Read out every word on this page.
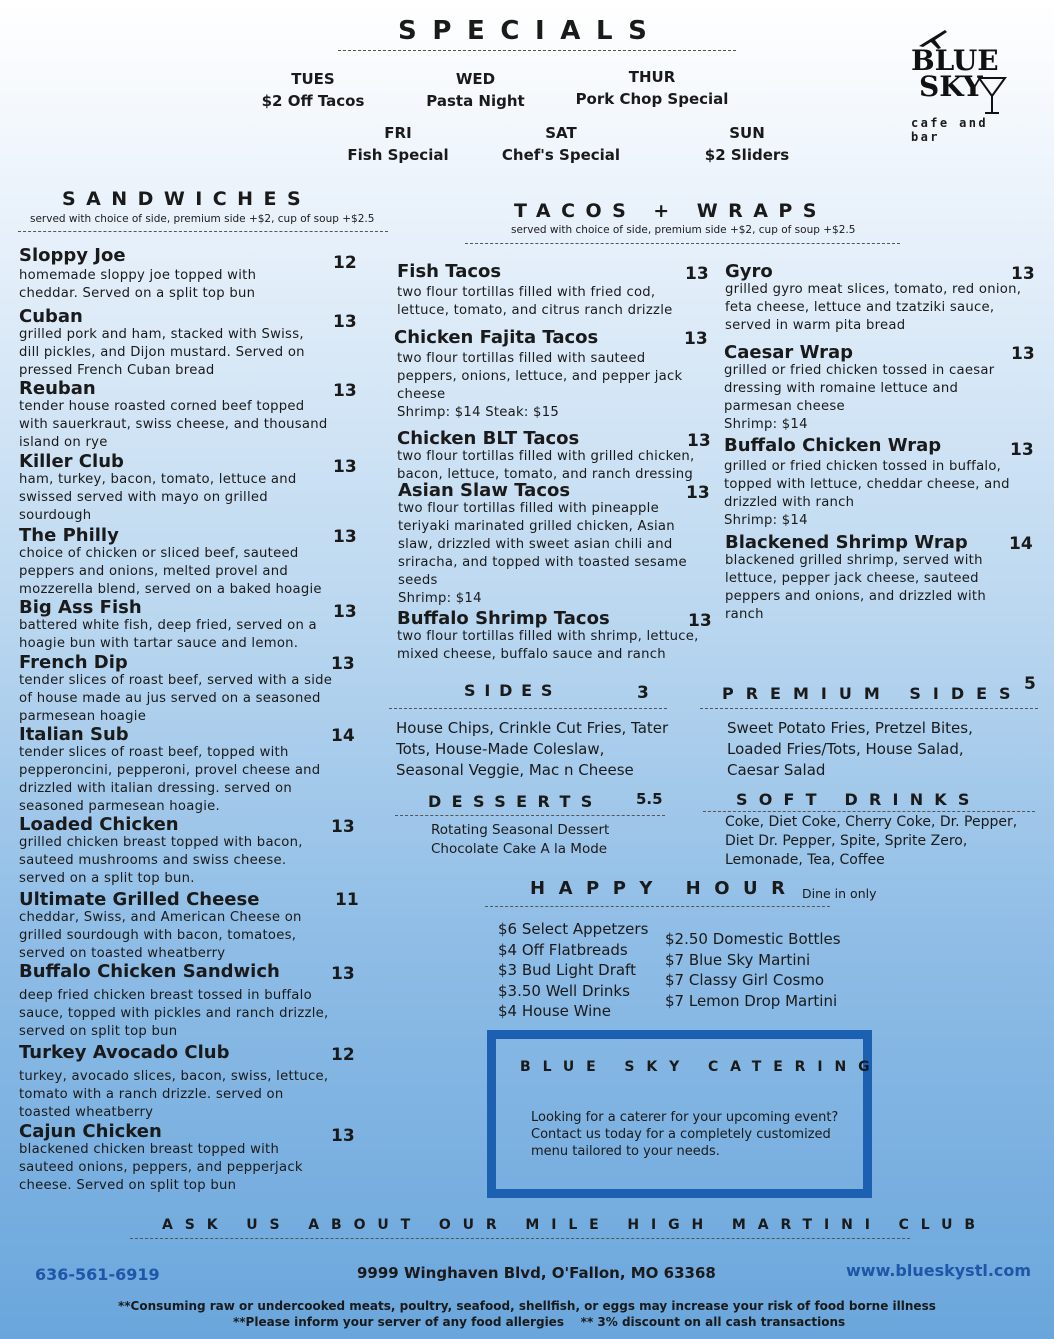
SPECIALS
TUES
$2 Off Tacos
WED
Pasta Night
THUR
Pork Chop Special
FRI
Fish Special
SAT
Chef's Special
SUN
$2 Sliders
BLUE
SKY
cafe and bar
SANDWICHES
served with choice of side, premium side +$2, cup of soup +$2.5
Sloppy Joe
homemade sloppy joe topped with cheddar. Served on a split top bun
12
Cuban
grilled pork and ham, stacked with Swiss, dill pickles, and Dijon mustard. Served on pressed French Cuban bread
13
Reuban
tender house roasted corned beef topped with sauerkraut, swiss cheese, and thousand island on rye
13
Killer Club
ham, turkey, bacon, tomato, lettuce and swissed served with mayo on grilled sourdough
13
The Philly
choice of chicken or sliced beef, sauteed peppers and onions, melted provel and mozzerella blend, served on a baked hoagie
13
Big Ass Fish
battered white fish, deep fried, served on a hoagie bun with tartar sauce and lemon.
13
French Dip
tender slices of roast beef, served with a side of house made au jus served on a seasoned parmesean hoagie
13
Italian Sub
tender slices of roast beef, topped with pepperoncini, pepperoni, provel cheese and drizzled with italian dressing. served on seasoned parmesean hoagie.
14
Loaded Chicken
grilled chicken breast topped with bacon, sauteed mushrooms and swiss cheese. served on a split top bun.
13
Ultimate Grilled Cheese
cheddar, Swiss, and American Cheese on grilled sourdough with bacon, tomatoes, served on toasted wheatberry
11
Buffalo Chicken Sandwich
deep fried chicken breast tossed in buffalo sauce, topped with pickles and ranch drizzle, served on split top bun
13
Turkey Avocado Club
turkey, avocado slices, bacon, swiss, lettuce, tomato with a ranch drizzle. served on toasted wheatberry
12
Cajun Chicken
blackened chicken breast topped with sauteed onions, peppers, and pepperjack cheese. Served on split top bun
13
TACOS + WRAPS
served with choice of side, premium side +$2, cup of soup +$2.5
Fish Tacos
two flour tortillas filled with fried cod, lettuce, tomato, and citrus ranch drizzle
13
Chicken Fajita Tacos
two flour tortillas filled with sauteed peppers, onions, lettuce, and pepper jack cheese
Shrimp: $14 Steak: $15
13
Chicken BLT Tacos
two flour tortillas filled with grilled chicken, bacon, lettuce, tomato, and ranch dressing
13
Asian Slaw Tacos
two flour tortillas filled with pineapple teriyaki marinated grilled chicken, Asian slaw, drizzled with sweet asian chili and sriracha, and topped with toasted sesame seeds
Shrimp: $14
13
Buffalo Shrimp Tacos
two flour tortillas filled with shrimp, lettuce, mixed cheese, buffalo sauce and ranch
13
Gyro
grilled gyro meat slices, tomato, red onion, feta cheese, lettuce and tzatziki sauce, served in warm pita bread
13
Caesar Wrap
grilled or fried chicken tossed in caesar dressing with romaine lettuce and parmesan cheese
Shrimp: $14
13
Buffalo Chicken Wrap
grilled or fried chicken tossed in buffalo, topped with lettuce, cheddar cheese, and drizzled with ranch
Shrimp: $14
13
Blackened Shrimp Wrap
blackened grilled shrimp, served with lettuce, pepper jack cheese, sauteed peppers and onions, and drizzled with ranch
14
SIDES	3
House Chips, Crinkle Cut Fries, Tater Tots, House-Made Coleslaw, Seasonal Veggie, Mac n Cheese
PREMIUM SIDES 5
Sweet Potato Fries, Pretzel Bites, Loaded Fries/Tots, House Salad, Caesar Salad
DESSERTS 5.5
Rotating Seasonal Dessert
Chocolate Cake A la Mode
SOFT DRINKS
Coke, Diet Coke, Cherry Coke, Dr. Pepper, Diet Dr. Pepper, Spite, Sprite Zero, Lemonade, Tea, Coffee
HAPPY HOUR Dine in only
$6 Select Appetzers
$4 Off Flatbreads
$3 Bud Light Draft
$3.50 Well Drinks
$4 House Wine
$2.50 Domestic Bottles
$7 Blue Sky Martini
$7 Classy Girl Cosmo
$7 Lemon Drop Martini
BLUE SKY CATERING
Looking for a caterer for your upcoming event? Contact us today for a completely customized menu tailored to your needs.
ASK US ABOUT OUR MILE HIGH MARTINI CLUB
636-561-6919	9999 Winghaven Blvd, O'Fallon, MO 63368	www.blueskystl.com
**Consuming raw or undercooked meats, poultry, seafood, shellfish, or eggs may increase your risk of food borne illness
**Please inform your server of any food allergies    ** 3% discount on all cash transactions
